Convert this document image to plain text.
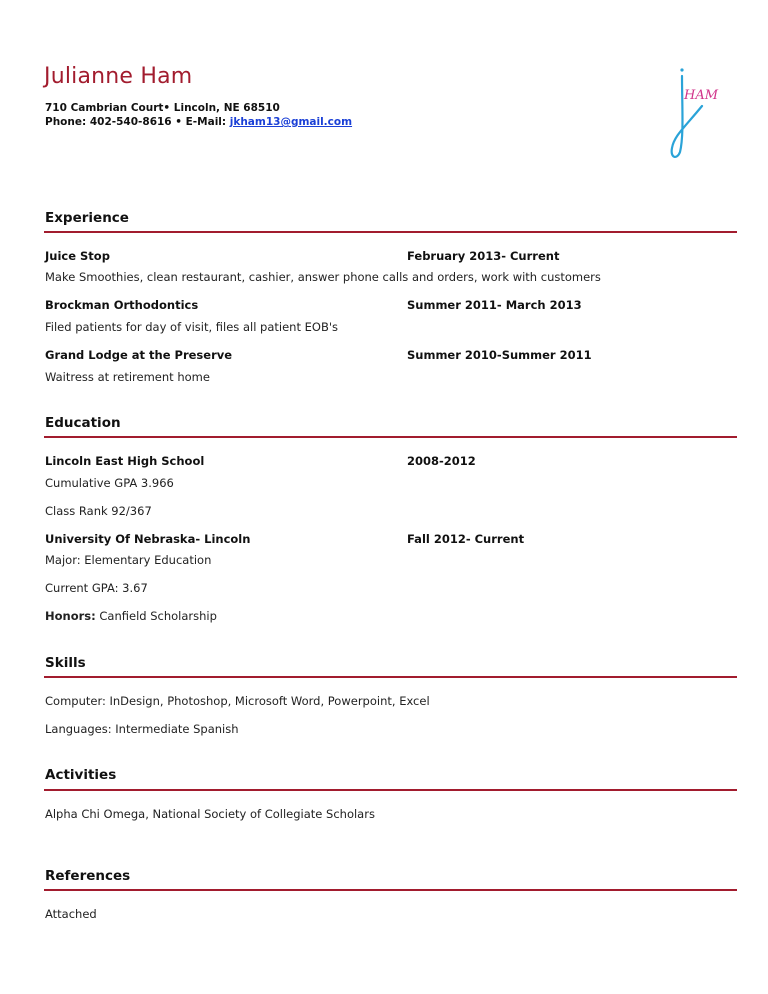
Julianne Ham
710 Cambrian Court• Lincoln, NE 68510
Phone: 402-540-8616 • E-Mail: jkham13@gmail.com
HAM
Experience
Juice Stop	February 2013- Current
Make Smoothies, clean restaurant, cashier, answer phone calls and orders, work with customers
Brockman Orthodontics	Summer 2011- March 2013
Filed patients for day of visit, files all patient EOB's
Grand Lodge at the Preserve	Summer 2010-Summer 2011
Waitress at retirement home
Education
Lincoln East High School	2008-2012
Cumulative GPA 3.966
Class Rank 92/367
University Of Nebraska- Lincoln	Fall 2012- Current
Major: Elementary Education
Current GPA: 3.67
Honors: Canfield Scholarship
Skills
Computer: InDesign, Photoshop, Microsoft Word, Powerpoint, Excel
Languages: Intermediate Spanish
Activities
Alpha Chi Omega, National Society of Collegiate Scholars
References
Attached
